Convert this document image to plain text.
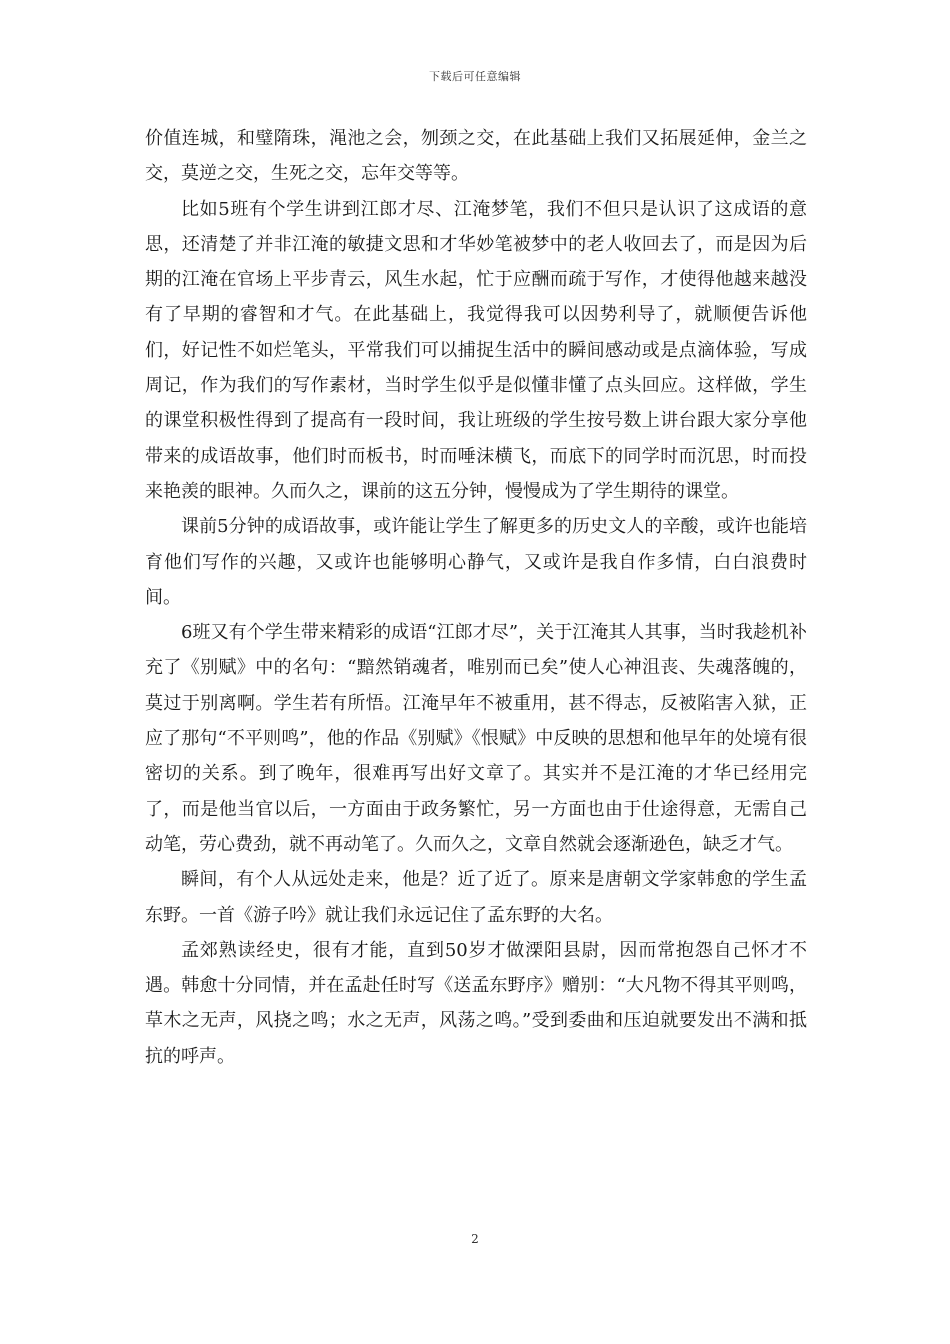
下载后可任意编辑

价值连城，和璧隋珠，渑池之会，刎颈之交，在此基础上我们又拓展延伸，金兰之交，莫逆之交，生死之交，忘年交等等。

比如5班有个学生讲到江郎才尽、江淹梦笔，我们不但只是认识了这成语的意思，还清楚了并非江淹的敏捷文思和才华妙笔被梦中的老人收回去了，而是因为后期的江淹在官场上平步青云，风生水起，忙于应酬而疏于写作，才使得他越来越没有了早期的睿智和才气。在此基础上，我觉得我可以因势利导了，就顺便告诉他们，好记性不如烂笔头，平常我们可以捕捉生活中的瞬间感动或是点滴体验，写成周记，作为我们的写作素材，当时学生似乎是似懂非懂了点头回应。这样做，学生的课堂积极性得到了提高有一段时间，我让班级的学生按号数上讲台跟大家分享他带来的成语故事，他们时而板书，时而唾沫横飞，而底下的同学时而沉思，时而投来艳羡的眼神。久而久之，课前的这五分钟，慢慢成为了学生期待的课堂。

课前5分钟的成语故事，或许能让学生了解更多的历史文人的辛酸，或许也能培育他们写作的兴趣，又或许也能够明心静气，又或许是我自作多情，白白浪费时间。

6班又有个学生带来精彩的成语“江郎才尽”，关于江淹其人其事，当时我趁机补充了《别赋》中的名句：“黯然销魂者，唯别而已矣”使人心神沮丧、失魂落魄的，莫过于别离啊。学生若有所悟。江淹早年不被重用，甚不得志，反被陷害入狱，正应了那句“不平则鸣”，他的作品《别赋》《恨赋》中反映的思想和他早年的处境有很密切的关系。到了晚年，很难再写出好文章了。其实并不是江淹的才华已经用完了，而是他当官以后，一方面由于政务繁忙，另一方面也由于仕途得意，无需自己动笔，劳心费劲，就不再动笔了。久而久之，文章自然就会逐渐逊色，缺乏才气。

瞬间，有个人从远处走来，他是？近了近了。原来是唐朝文学家韩愈的学生孟东野。一首《游子吟》就让我们永远记住了孟东野的大名。

孟郊熟读经史，很有才能，直到50岁才做溧阳县尉，因而常抱怨自己怀才不遇。韩愈十分同情，并在孟赴任时写《送孟东野序》赠别：“大凡物不得其平则鸣，草木之无声，风挠之鸣；水之无声，风荡之鸣。”受到委曲和压迫就要发出不满和抵抗的呼声。

2
